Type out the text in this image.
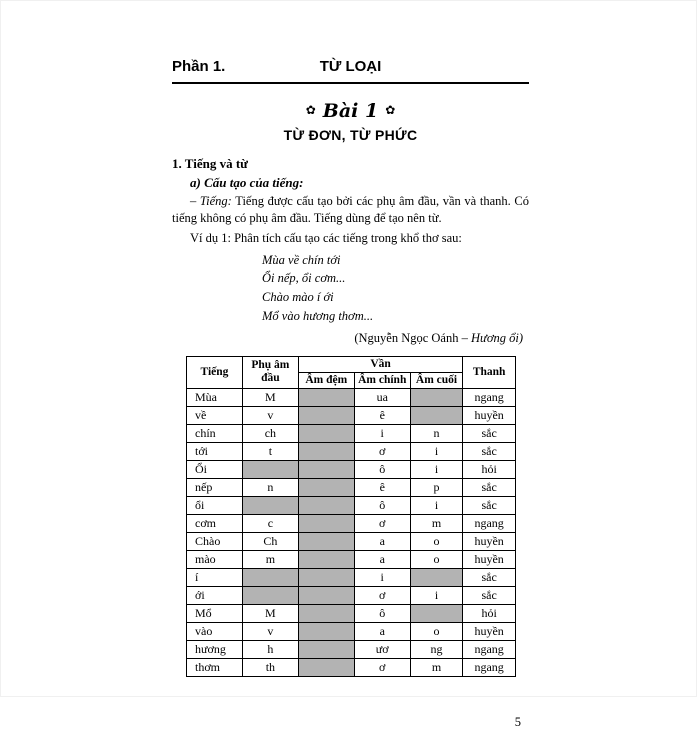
Phần 1.	TỪ LOẠI
✿ Bài 1 ✿
TỪ ĐƠN, TỪ PHỨC
1. Tiếng và từ
a) Cấu tạo của tiếng:

– Tiếng: Tiếng được cấu tạo bởi các phụ âm đầu, vần và thanh. Có tiếng không có phụ âm đầu. Tiếng dùng để tạo nên từ.

Ví dụ 1: Phân tích cấu tạo các tiếng trong khổ thơ sau:

Mùa về chín tới
Ổi nếp, ổi cơm...
Chào mào í ới
Mổ vào hương thơm...
(Nguyễn Ngọc Oánh – Hương ổi)
Tiếng	Phụ âm đầu	Vần			Thanh
		Âm đệm	Âm chính	Âm cuối	
Mùa	M		ua		ngang
về	v		ê		huyền
chín	ch		i	n	sắc
tới	t		ơ	i	sắc
Ổi			ô	i	hỏi
nếp	n		ê	p	sắc
ổi			ô	i	sắc
cơm	c		ơ	m	ngang
Chào	Ch		a	o	huyền
mào	m		a	o	huyền
í			i		sắc
ới			ơ	i	sắc
Mổ	M		ô		hỏi
vào	v		a	o	huyền
hương	h		ươ	ng	ngang
thơm	th		ơ	m	ngang
5
